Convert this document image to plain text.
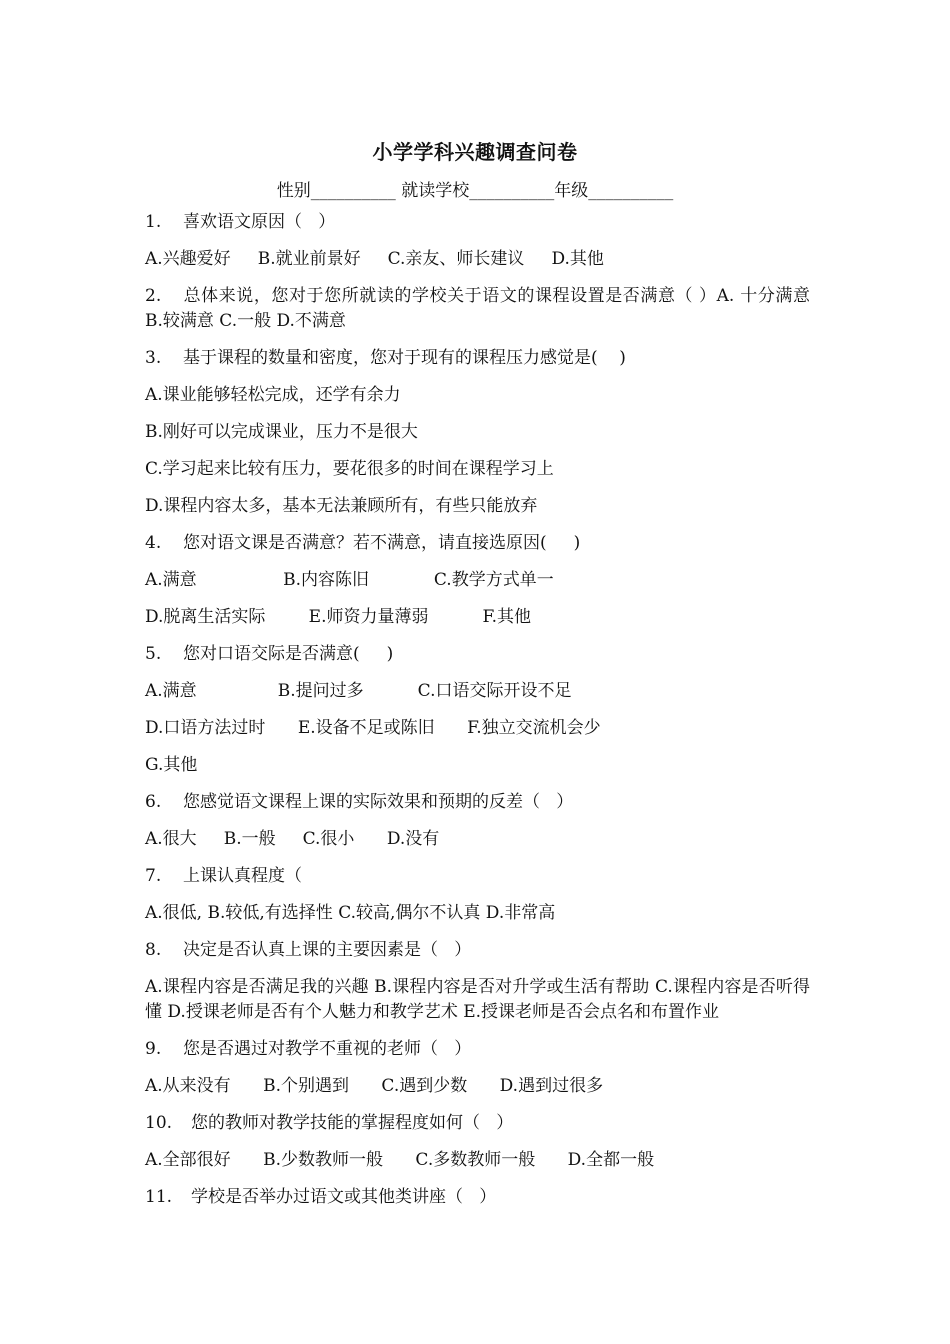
小学学科兴趣调查问卷
性别__________ 就读学校__________年级__________
1. 喜欢语文原因（   ）
A.兴趣爱好     B.就业前景好     C.亲友、师长建议     D.其他
2. 总体来说，您对于您所就读的学校关于语文的课程设置是否满意（ ）A. 十分满意 B.较满意 C.一般 D.不满意
3. 基于课程的数量和密度，您对于现有的课程压力感觉是(    )
A.课业能够轻松完成，还学有余力
B.刚好可以完成课业，压力不是很大
C.学习起来比较有压力，要花很多的时间在课程学习上
D.课程内容太多，基本无法兼顾所有，有些只能放弃
4. 您对语文课是否满意？若不满意，请直接选原因(     )
A.满意                B.内容陈旧            C.教学方式单一
D.脱离生活实际        E.师资力量薄弱          F.其他
5. 您对口语交际是否满意(     )
A.满意               B.提问过多          C.口语交际开设不足
D.口语方法过时      E.设备不足或陈旧      F.独立交流机会少
G.其他
6. 您感觉语文课程上课的实际效果和预期的反差（   ）
A.很大     B.一般     C.很小      D.没有
7. 上课认真程度（
A.很低, B.较低,有选择性 C.较高,偶尔不认真 D.非常高
8. 决定是否认真上课的主要因素是（   ）
A.课程内容是否满足我的兴趣 B.课程内容是否对升学或生活有帮助 C.课程内容是否听得懂 D.授课老师是否有个人魅力和教学艺术 E.授课老师是否会点名和布置作业
9. 您是否遇过对教学不重视的老师（   ）
A.从来没有      B.个别遇到      C.遇到少数      D.遇到过很多
10. 您的教师对教学技能的掌握程度如何（   ）
A.全部很好      B.少数教师一般      C.多数教师一般      D.全都一般
11. 学校是否举办过语文或其他类讲座（   ）
